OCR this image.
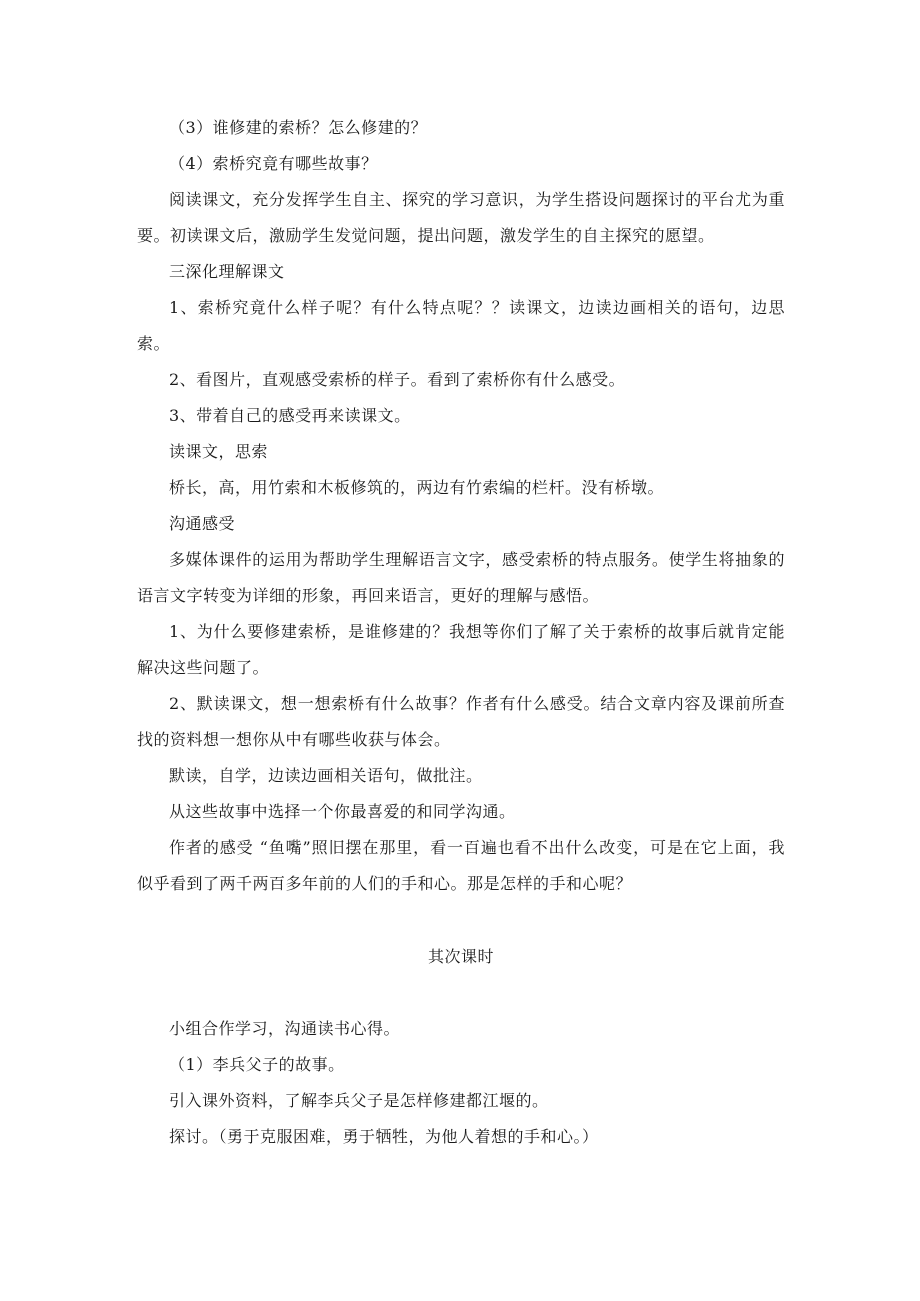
（3）谁修建的索桥？怎么修建的？

（4）索桥究竟有哪些故事？

阅读课文，充分发挥学生自主、探究的学习意识，为学生搭设问题探讨的平台尤为重要。初读课文后，激励学生发觉问题，提出问题，激发学生的自主探究的愿望。

三深化理解课文

1、索桥究竟什么样子呢？有什么特点呢？？读课文，边读边画相关的语句，边思索。

2、看图片，直观感受索桥的样子。看到了索桥你有什么感受。

3、带着自己的感受再来读课文。

读课文，思索

桥长，高，用竹索和木板修筑的，两边有竹索编的栏杆。没有桥墩。

沟通感受

多媒体课件的运用为帮助学生理解语言文字，感受索桥的特点服务。使学生将抽象的语言文字转变为详细的形象，再回来语言，更好的理解与感悟。

1、为什么要修建索桥，是谁修建的？我想等你们了解了关于索桥的故事后就肯定能解决这些问题了。

2、默读课文，想一想索桥有什么故事？作者有什么感受。结合文章内容及课前所查找的资料想一想你从中有哪些收获与体会。

默读，自学，边读边画相关语句，做批注。

从这些故事中选择一个你最喜爱的和同学沟通。

作者的感受 “鱼嘴”照旧摆在那里，看一百遍也看不出什么改变，可是在它上面，我似乎看到了两千两百多年前的人们的手和心。那是怎样的手和心呢？

其次课时

小组合作学习，沟通读书心得。

（1）李兵父子的故事。

引入课外资料，了解李兵父子是怎样修建都江堰的。

探讨。（勇于克服困难，勇于牺牲，为他人着想的手和心。）
